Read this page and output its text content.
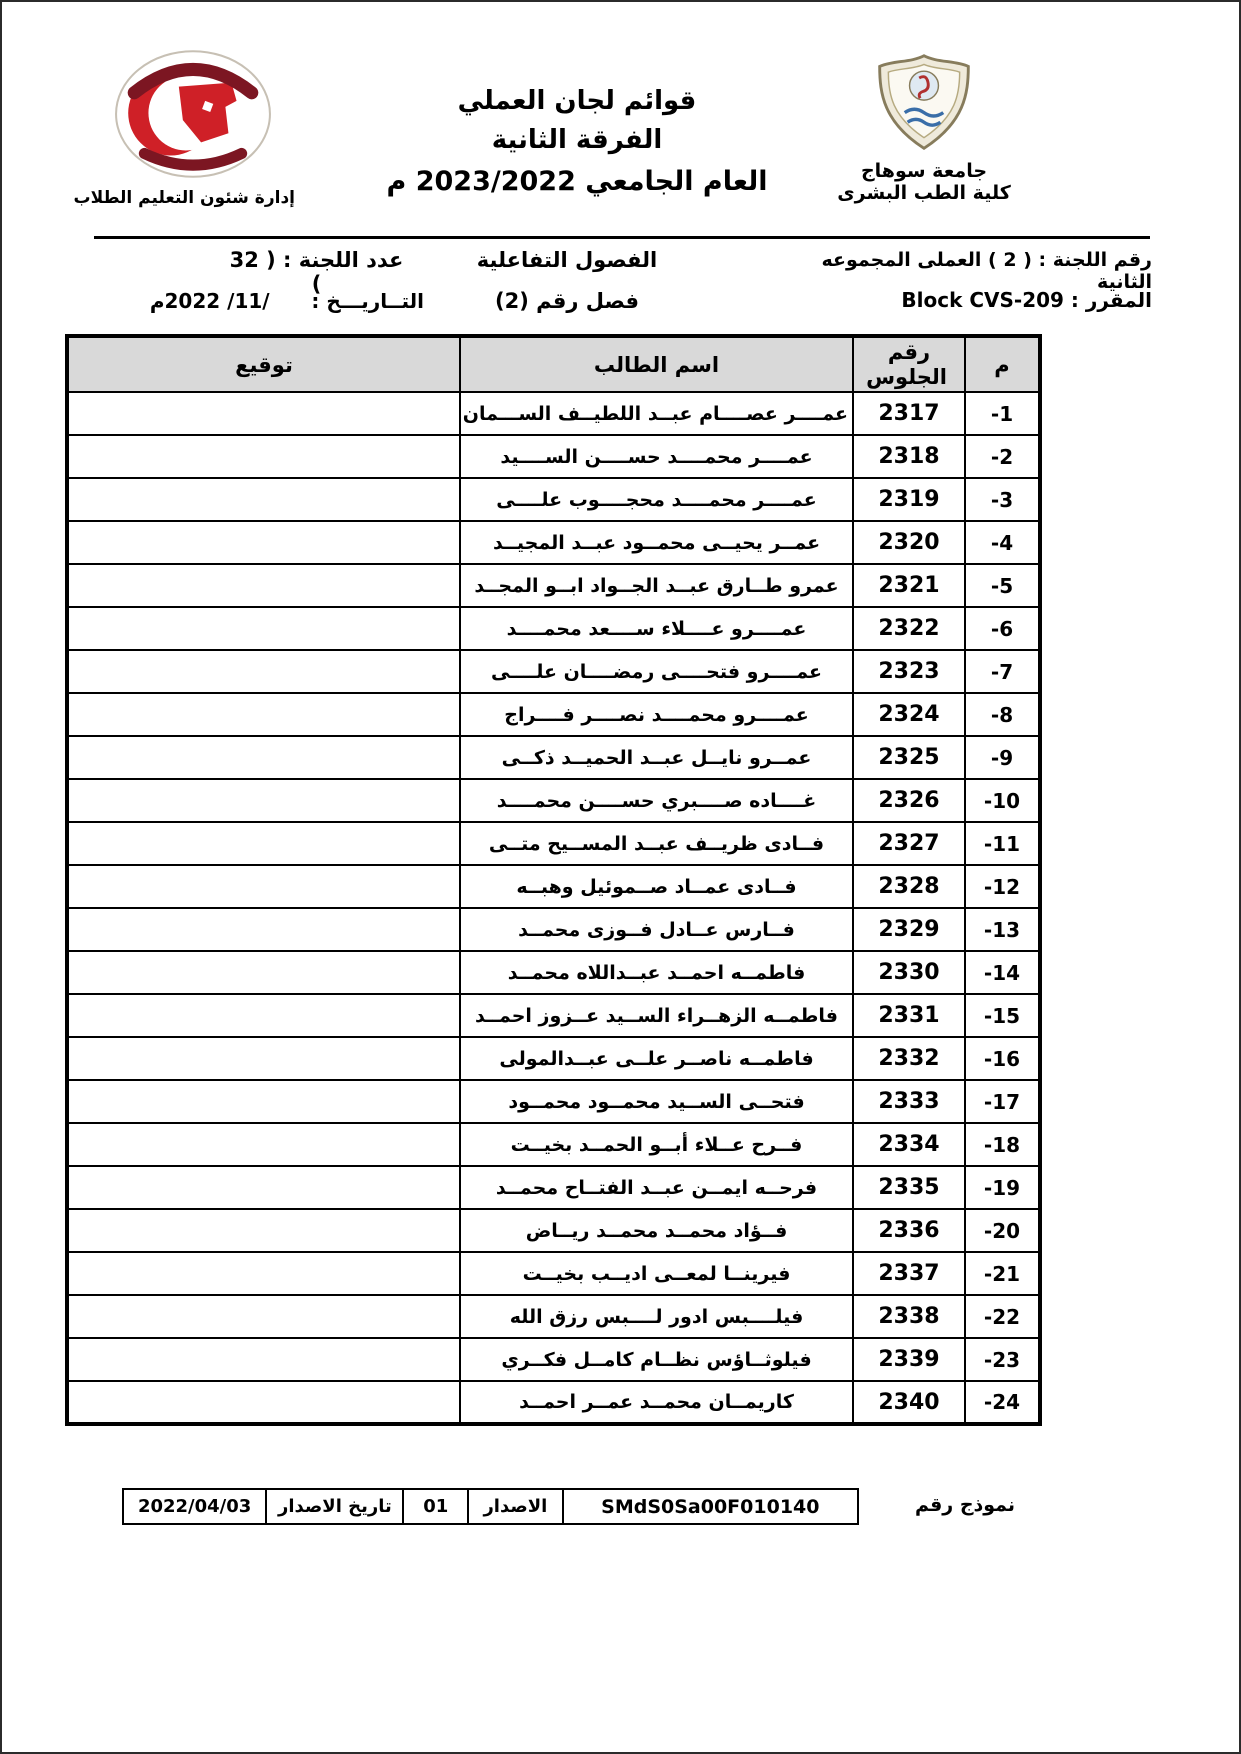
إدارة شئون التعليم الطلاب
قوائم لجان العملي
الفرقة الثانية
العام الجامعي 2023/2022 م	جامعة سوهاج
كلية الطب البشرى
رقم اللجنة : ( 2 ) العملى المجموعه الثانية
الفصول التفاعلية
عدد اللجنة : ( 32 )
المقرر : Block CVS-209
فصل رقم (2)
التــاريـــخ :      /11/ 2022م
م	رقم الجلوس	اسم الطالب	توقيع
-1	2317	عمــــر عصــــام عبــد اللطيــف الســـمان	
-2	2318	عمــــر محمــــد حســــن الســــيد	
-3	2319	عمــــر محمــــد محجــــوب علــــى	
-4	2320	عمــر يحيــى محمــود عبــد المجيــد	
-5	2321	عمرو طــارق عبــد الجــواد ابــو المجــد	
-6	2322	عمــــرو عــــلاء ســــعد محمــــد	
-7	2323	عمــــرو فتحــــى رمضــــان علــــى	
-8	2324	عمــــرو محمــــد نصــــر فــــراج	
-9	2325	عمــرو نايــل عبــد الحميــد ذكــى	
-10	2326	غــــاده صــــبري حســــن محمــــد	
-11	2327	فــادى ظريــف عبــد المســيح متــى	
-12	2328	فــادى عمــاد صــموئيل وهبــه	
-13	2329	فــارس عــادل فــوزى محمــد	
-14	2330	فاطمــه احمــد عبــداللاه محمــد	
-15	2331	فاطمــه الزهــراء الســيد عــزوز احمــد	
-16	2332	فاطمــه ناصــر علــى عبــدالمولى	
-17	2333	فتحــى الســيد محمــود محمــود	
-18	2334	فــرح عــلاء أبــو الحمــد بخيــت	
-19	2335	فرحــه ايمــن عبــد الفتــاح محمــد	
-20	2336	فــؤاد محمــد محمــد ريــاض	
-21	2337	فيرينــا لمعــى اديــب بخيــت	
-22	2338	فيلــــبس ادور لــــبس رزق الله	
-23	2339	فيلوثــاؤس نظــام كامــل فكــري	
-24	2340	كاريمــان محمــد عمــر احمــد	
نموذج رقم
SMdS0Sa00F010140
الاصدار
01
تاريخ الاصدار
2022/04/03
